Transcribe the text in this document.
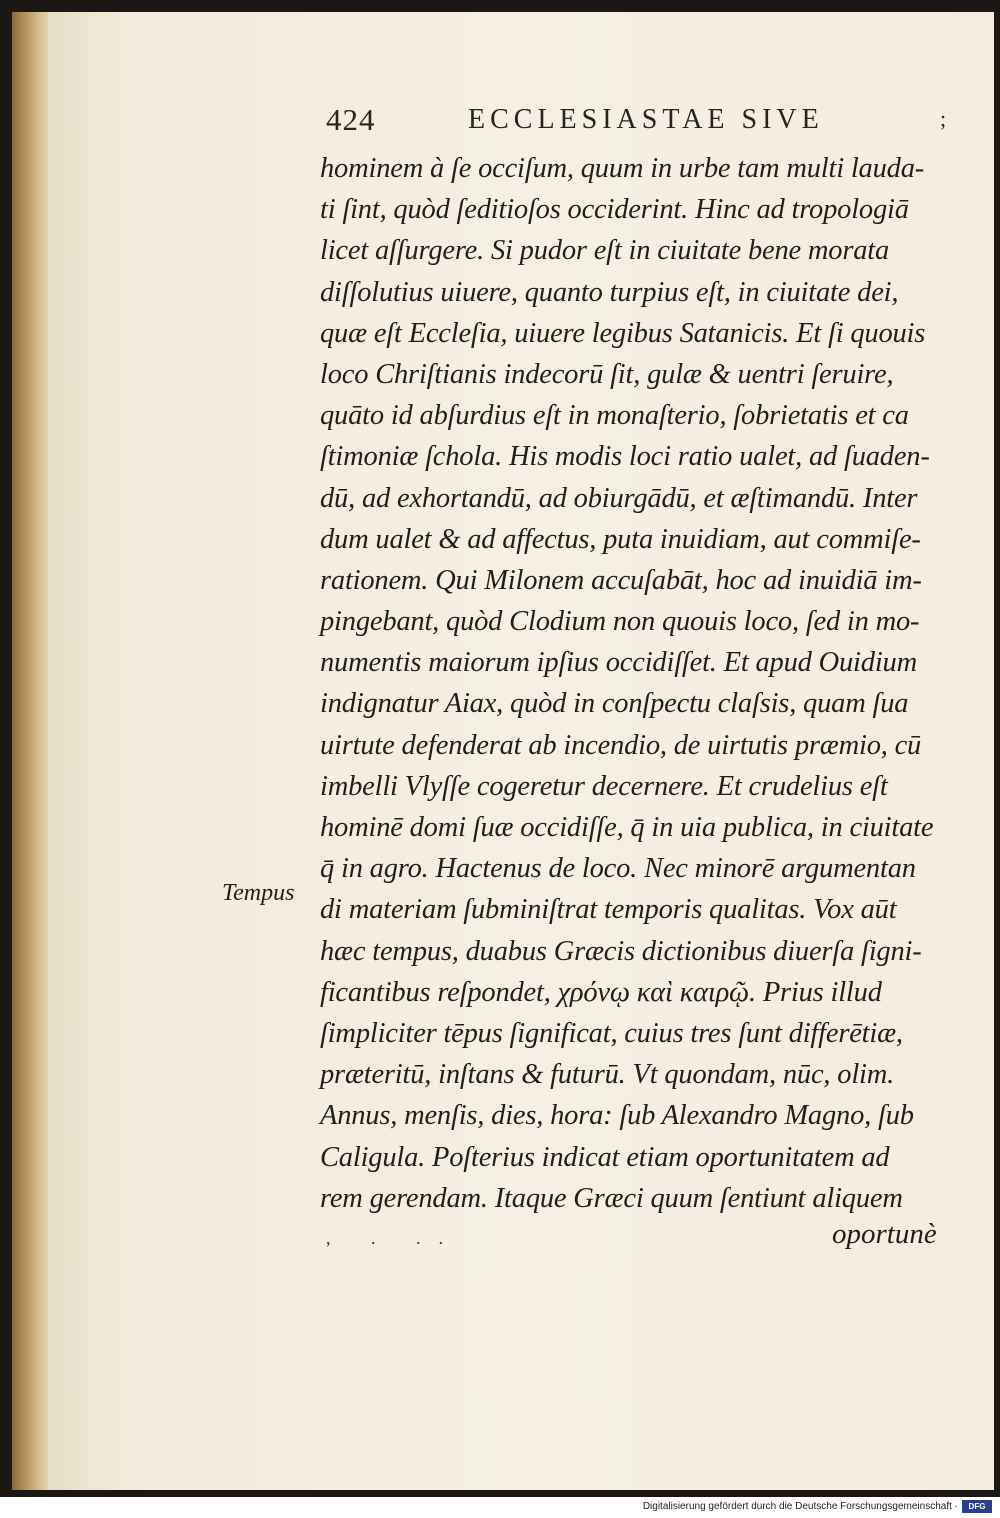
424	ECCLESIASTAE SIVE	;
Tempus
hominem à ſe occiſum, quum in urbe tam multi lauda-
ti ſint, quòd ſeditioſos occiderint. Hinc ad tropologiā
licet aſſurgere. Si pudor eſt in ciuitate bene morata
diſſolutius uiuere, quanto turpius eſt, in ciuitate dei,
quæ eſt Eccleſia, uiuere legibus Satanicis. Et ſi quouis
loco Chriſtianis indecorū ſit, gulæ & uentri ſeruire,
quāto id abſurdius eſt in monaſterio, ſobrietatis et ca
ſtimoniæ ſchola. His modis loci ratio ualet, ad ſuaden-
dū, ad exhortandū, ad obiurgādū, et æſtimandū. Inter
dum ualet & ad affectus, puta inuidiam, aut commiſe-
rationem. Qui Milonem accuſabāt, hoc ad inuidiā im-
pingebant, quòd Clodium non quouis loco, ſed in mo-
numentis maiorum ipſius occidiſſet. Et apud Ouidium
indignatur Aiax, quòd in conſpectu claſsis, quam ſua
uirtute defenderat ab incendio, de uirtutis præmio, cū
imbelli Vlyſſe cogeretur decernere. Et crudelius eſt
hominē domi ſuæ occidiſſe, q̄ in uia publica, in ciuitate
q̄ in agro. Hactenus de loco. Nec minorē argumentan
di materiam ſubminiſtrat temporis qualitas. Vox aūt
hæc tempus, duabus Græcis dictionibus diuerſa ſigni-
ficantibus reſpondet, χρόνῳ καὶ καιρῷ. Prius illud
ſimpliciter tēpus ſignificat, cuius tres ſunt differētiæ,
præteritū, inſtans & futurū. Vt quondam, nūc, olim.
Annus, menſis, dies, hora: ſub Alexandro Magno, ſub
Caligula. Poſterius indicat etiam oportunitatem ad
rem gerendam. Itaque Græci quum ſentiunt aliquem
, . ..	oportunè
Digitalisierung gefördert durch die Deutsche Forschungsgemeinschaft ·	DFG
